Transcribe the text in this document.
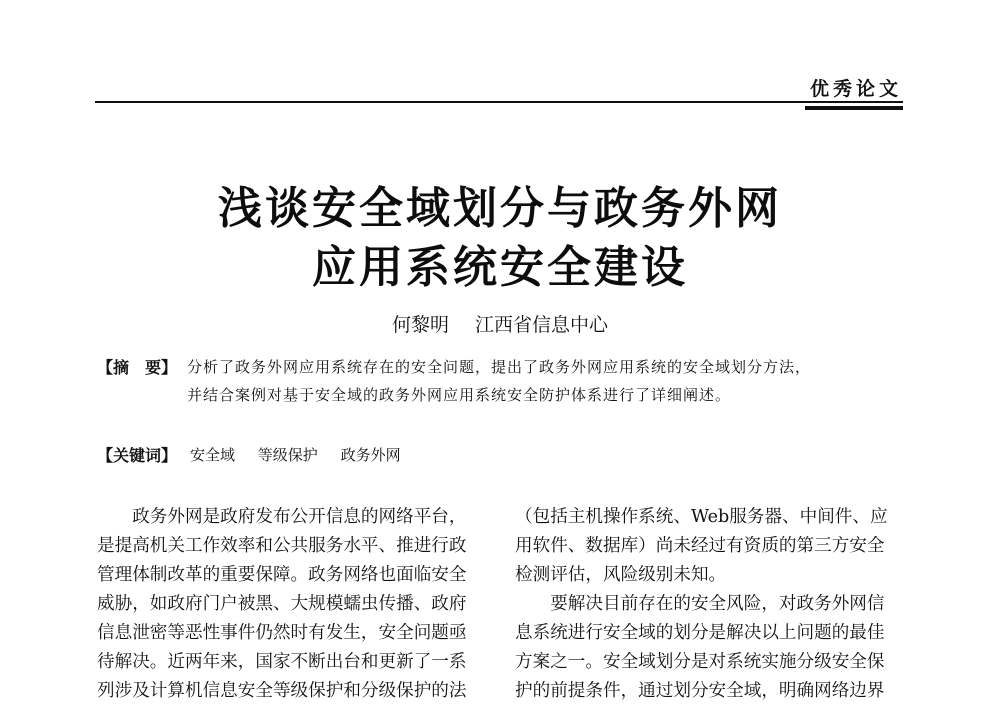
优秀论文
浅谈安全域划分与政务外网
应用系统安全建设
何黎明 江西省信息中心
【摘　要】 分析了政务外网应用系统存在的安全问题，提出了政务外网应用系统的安全域划分方法，
并结合案例对基于安全域的政务外网应用系统安全防护体系进行了详细阐述。
【关键词】 安全域 等级保护 政务外网
　　政务外网是政府发布公开信息的网络平台，
是提高机关工作效率和公共服务水平、推进行政
管理体制改革的重要保障。政务网络也面临安全
威胁，如政府门户被黑、大规模蠕虫传播、政府
信息泄密等恶性事件仍然时有发生，安全问题亟
待解决。近两年来，国家不断出台和更新了一系
列涉及计算机信息安全等级保护和分级保护的法
（包括主机操作系统、Web服务器、中间件、应
用软件、数据库）尚未经过有资质的第三方安全
检测评估，风险级别未知。
　　要解决目前存在的安全风险，对政务外网信
息系统进行安全域的划分是解决以上问题的最佳
方案之一。安全域划分是对系统实施分级安全保
护的前提条件，通过划分安全域，明确网络边界
